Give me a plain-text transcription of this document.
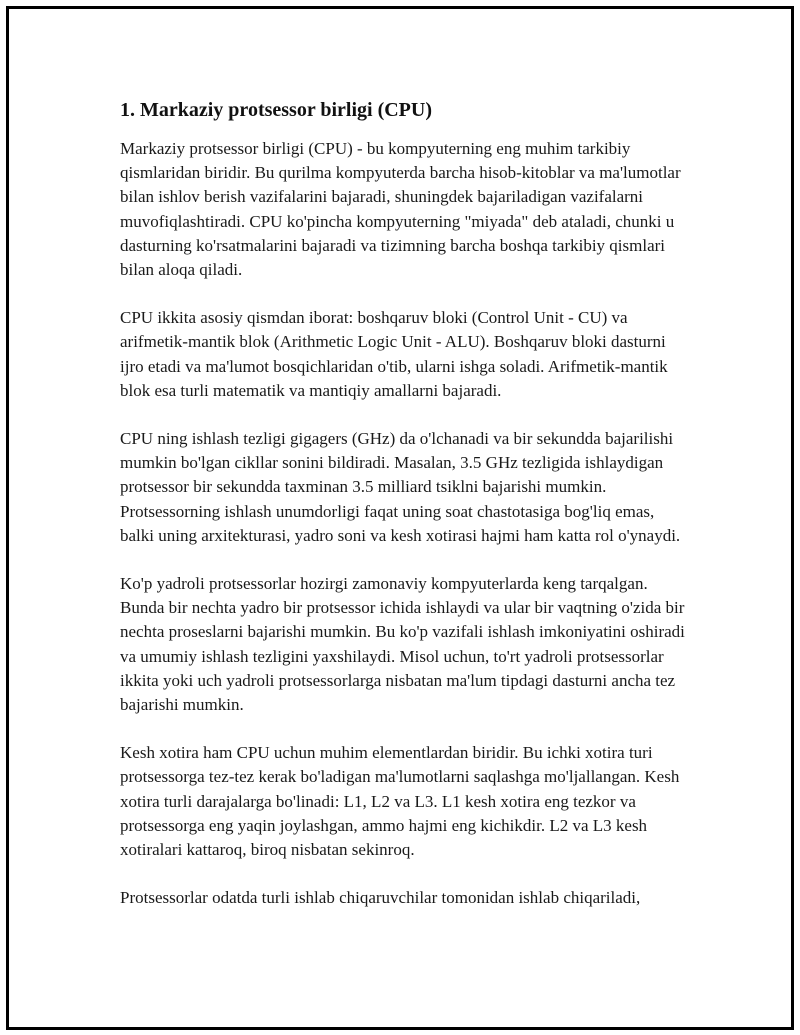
1. Markaziy protsessor birligi (CPU)

Markaziy protsessor birligi (CPU) - bu kompyuterning eng muhim tarkibiy qismlaridan biridir. Bu qurilma kompyuterda barcha hisob-kitoblar va ma'lumotlar bilan ishlov berish vazifalarini bajaradi, shuningdek bajariladigan vazifalarni muvofiqlashtiradi. CPU ko'pincha kompyuterning "miyada" deb ataladi, chunki u dasturning ko'rsatmalarini bajaradi va tizimning barcha boshqa tarkibiy qismlari bilan aloqa qiladi.

CPU ikkita asosiy qismdan iborat: boshqaruv bloki (Control Unit - CU) va arifmetik-mantik blok (Arithmetic Logic Unit - ALU). Boshqaruv bloki dasturni ijro etadi va ma'lumot bosqichlaridan o'tib, ularni ishga soladi. Arifmetik-mantik blok esa turli matematik va mantiqiy amallarni bajaradi.

CPU ning ishlash tezligi gigagers (GHz) da o'lchanadi va bir sekundda bajarilishi mumkin bo'lgan cikllar sonini bildiradi. Masalan, 3.5 GHz tezligida ishlaydigan protsessor bir sekundda taxminan 3.5 milliard tsiklni bajarishi mumkin. Protsessorning ishlash unumdorligi faqat uning soat chastotasiga bog'liq emas, balki uning arxitekturasi, yadro soni va kesh xotirasi hajmi ham katta rol o'ynaydi.

Ko'p yadroli protsessorlar hozirgi zamonaviy kompyuterlarda keng tarqalgan. Bunda bir nechta yadro bir protsessor ichida ishlaydi va ular bir vaqtning o'zida bir nechta proseslarni bajarishi mumkin. Bu ko'p vazifali ishlash imkoniyatini oshiradi va umumiy ishlash tezligini yaxshilaydi. Misol uchun, to'rt yadroli protsessorlar ikkita yoki uch yadroli protsessorlarga nisbatan ma'lum tipdagi dasturni ancha tez bajarishi mumkin.

Kesh xotira ham CPU uchun muhim elementlardan biridir. Bu ichki xotira turi protsessorga tez-tez kerak bo'ladigan ma'lumotlarni saqlashga mo'ljallangan. Kesh xotira turli darajalarga bo'linadi: L1, L2 va L3. L1 kesh xotira eng tezkor va protsessorga eng yaqin joylashgan, ammo hajmi eng kichikdir. L2 va L3 kesh xotiralari kattaroq, biroq nisbatan sekinroq.

Protsessorlar odatda turli ishlab chiqaruvchilar tomonidan ishlab chiqariladi,
